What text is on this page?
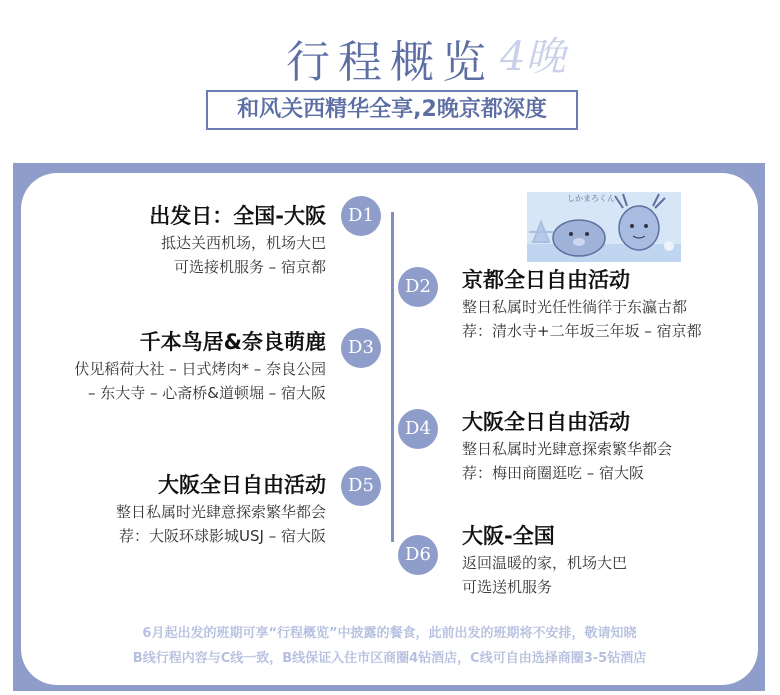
行程概览 4晚
和风关西精华全享,2晚京都深度
しかまろくん
D1
D2
D3
D4
D5
D6
出发日：全国-大阪
抵达关西机场，机场大巴
可选接机服务 – 宿京都
千本鸟居&奈良萌鹿
伏见稻荷大社 – 日式烤肉* – 奈良公园
– 东大寺 – 心斋桥&道顿堀 – 宿大阪
大阪全日自由活动
整日私属时光肆意探索繁华都会
荐：大阪环球影城USJ – 宿大阪
京都全日自由活动
整日私属时光任性徜徉于东瀛古都
荐：清水寺+二年坂三年坂 – 宿京都
大阪全日自由活动
整日私属时光肆意探索繁华都会
荐：梅田商圈逛吃 – 宿大阪
大阪-全国
返回温暖的家，机场大巴
可选送机服务
6月起出发的班期可享“行程概览”中披露的餐食，此前出发的班期将不安排，敬请知晓
B线行程内容与C线一致，B线保证入住市区商圈4钻酒店，C线可自由选择商圈3-5钻酒店
